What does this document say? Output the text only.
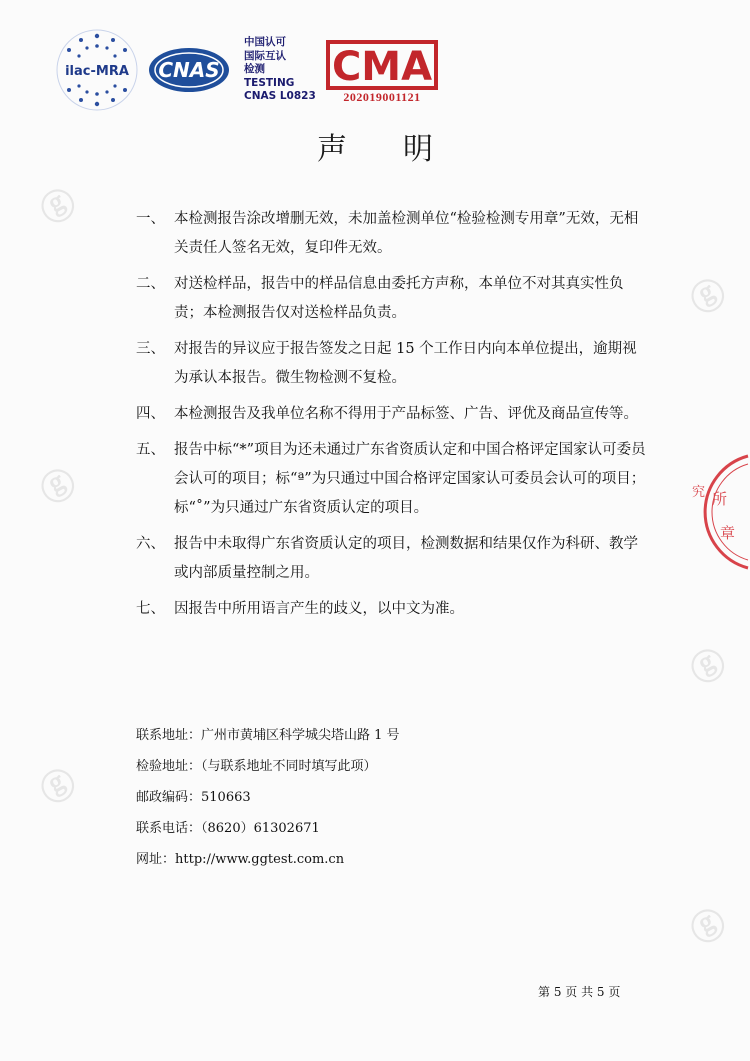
ⓖ
ⓖ
ⓖ
ⓖ
ⓖ
ⓖ
ilac-MRA CNAS
中国认可
国际互认
检测
TESTING
CNAS L0823
CMA
202019001121
声明
一、 本检测报告涂改增删无效，未加盖检测单位“检验检测专用章”无效，无相关责任人签名无效，复印件无效。
二、 对送检样品，报告中的样品信息由委托方声称，本单位不对其真实性负责；本检测报告仅对送检样品负责。
三、 对报告的异议应于报告签发之日起 15 个工作日内向本单位提出，逾期视为承认本报告。微生物检测不复检。
四、 本检测报告及我单位名称不得用于产品标签、广告、评优及商品宣传等。
五、 报告中标“*”项目为还未通过广东省资质认定和中国合格评定国家认可委员会认可的项目；标“ª”为只通过中国合格评定国家认可委员会认可的项目；标“˚”为只通过广东省资质认定的项目。
六、 报告中未取得广东省资质认定的项目，检测数据和结果仅作为科研、教学或内部质量控制之用。
七、 因报告中所用语言产生的歧义，以中文为准。
所
章
究
联系地址：广州市黄埔区科学城尖塔山路 1 号
检验地址：（与联系地址不同时填写此项）
邮政编码：510663
联系电话：（8620）61302671
网址：http://www.ggtest.com.cn
第 5 页 共 5 页
